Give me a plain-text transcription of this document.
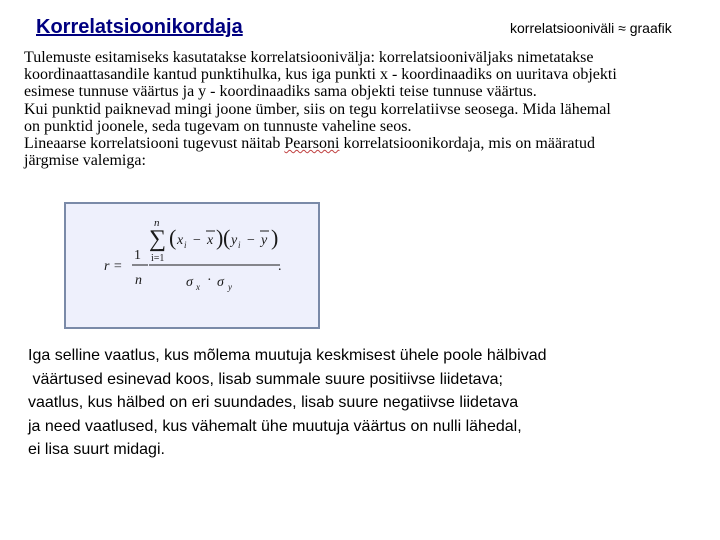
Korrelatsioonikordaja	korrelatsiooniväli ≈ graafik
Tulemuste esitamiseks kasutatakse korrelatsioonivälja: korrelatsiooniväljaks nimetatakse
koordinaattasandile kantud punktihulka, kus iga punkti x - koordinaadiks on uuritava objekti
esimese tunnuse väärtus ja y - koordinaadiks sama objekti teise tunnuse väärtus.
Kui punktid paiknevad mingi joone ümber, siis on tegu korrelatiivse seosega. Mida lähemal
on punktid joonele, seda tugevam on tunnuste vaheline seos.
Lineaarse korrelatsiooni tugevust näitab Pearsoni korrelatsioonikordaja, mis on määratud
järgmise valemiga:
r =
1
n
n
∑
i=1
( x i − x ) ( y i − y )
σ x · σ y
.
Iga selline vaatlus, kus mõlema muutuja keskmisest ühele poole hälbivad
väärtused esinevad koos, lisab summale suure positiivse liidetava;
vaatlus, kus hälbed on eri suundades, lisab suure negatiivse liidetava
ja need vaatlused, kus vähemalt ühe muutuja väärtus on nulli lähedal,
ei lisa suurt midagi.
